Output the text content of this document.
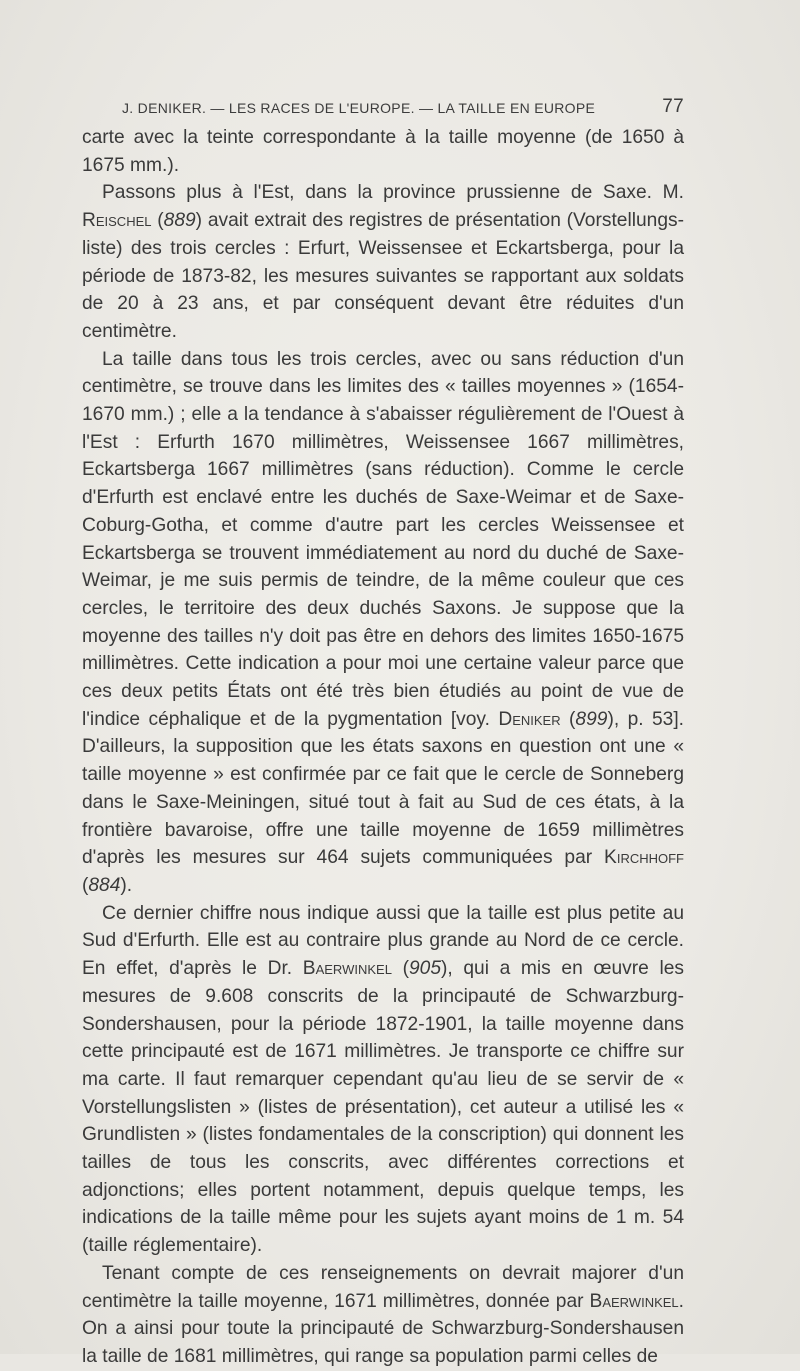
J. DENIKER. — LES RACES DE L'EUROPE. — LA TAILLE EN EUROPE	77

carte avec la teinte correspondante à la taille moyenne (de 1650 à 1675 mm.).

Passons plus à l'Est, dans la province prussienne de Saxe. M. Reischel (889) avait extrait des registres de présentation (Vorstellungs-liste) des trois cercles : Erfurt, Weissensee et Eckartsberga, pour la période de 1873-82, les mesures suivantes se rapportant aux soldats de 20 à 23 ans, et par conséquent devant être réduites d'un centimètre.

La taille dans tous les trois cercles, avec ou sans réduction d'un centimètre, se trouve dans les limites des « tailles moyennes » (1654-1670 mm.) ; elle a la tendance à s'abaisser régulièrement de l'Ouest à l'Est : Erfurth 1670 millimètres, Weissensee 1667 millimètres, Eckartsberga 1667 millimètres (sans réduction). Comme le cercle d'Erfurth est enclavé entre les duchés de Saxe-Weimar et de Saxe-Coburg-Gotha, et comme d'autre part les cercles Weissensee et Eckartsberga se trouvent immédiatement au nord du duché de Saxe-Weimar, je me suis permis de teindre, de la même couleur que ces cercles, le territoire des deux duchés Saxons. Je suppose que la moyenne des tailles n'y doit pas être en dehors des limites 1650-1675 millimètres. Cette indication a pour moi une certaine valeur parce que ces deux petits États ont été très bien étudiés au point de vue de l'indice céphalique et de la pygmentation [voy. Deniker (899), p. 53]. D'ailleurs, la supposition que les états saxons en question ont une « taille moyenne » est confirmée par ce fait que le cercle de Sonneberg dans le Saxe-Meiningen, situé tout à fait au Sud de ces états, à la frontière bavaroise, offre une taille moyenne de 1659 millimètres d'après les mesures sur 464 sujets communiquées par Kirchhoff (884).

Ce dernier chiffre nous indique aussi que la taille est plus petite au Sud d'Erfurth. Elle est au contraire plus grande au Nord de ce cercle. En effet, d'après le Dr. Baerwinkel (905), qui a mis en œuvre les mesures de 9.608 conscrits de la principauté de Schwarzburg-Sondershausen, pour la période 1872-1901, la taille moyenne dans cette principauté est de 1671 millimètres. Je transporte ce chiffre sur ma carte. Il faut remarquer cependant qu'au lieu de se servir de « Vorstellungslisten » (listes de présentation), cet auteur a utilisé les « Grundlisten » (listes fondamentales de la conscription) qui donnent les tailles de tous les conscrits, avec différentes corrections et adjonctions; elles portent notamment, depuis quelque temps, les indications de la taille même pour les sujets ayant moins de 1 m. 54 (taille réglementaire).

Tenant compte de ces renseignements on devrait majorer d'un centimètre la taille moyenne, 1671 millimètres, donnée par Baerwinkel. On a ainsi pour toute la principauté de Schwarzburg-Sondershausen la taille de 1681 millimètres, qui range sa population parmi celles de
